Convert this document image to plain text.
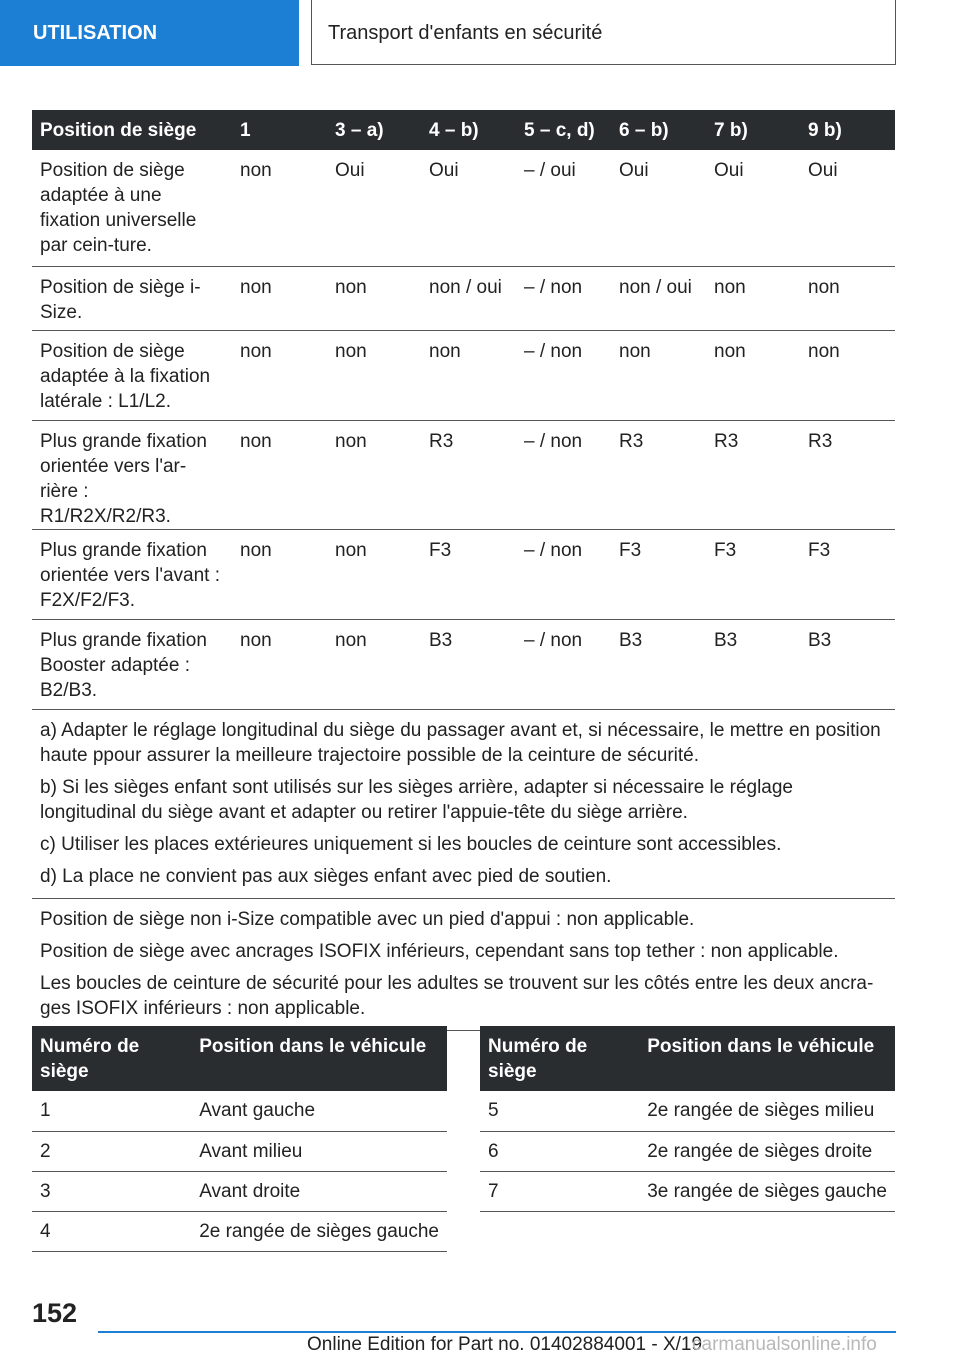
UTILISATION	Transport d'enfants en sécurité
Position de siège	1	3 – a)	4 – b)	5 – c, d)	6 – b)	7 b)	9 b)
Position de siège adaptée à une fixation universelle par cein-ture.	non	Oui	Oui	– / oui	Oui	Oui	Oui
Position de siège i-Size.	non	non	non / oui	– / non	non / oui	non	non
Position de siège adaptée à la fixation latérale : L1/L2.	non	non	non	– / non	non	non	non
Plus grande fixation orientée vers l'ar-rière : R1/R2X/R2/R3.	non	non	R3	– / non	R3	R3	R3
Plus grande fixation orientée vers l'avant : F2X/F2/F3.	non	non	F3	– / non	F3	F3	F3
Plus grande fixation Booster adaptée : B2/B3.	non	non	B3	– / non	B3	B3	B3

a) Adapter le réglage longitudinal du siège du passager avant et, si nécessaire, le mettre en position haute ppour assurer la meilleure trajectoire possible de la ceinture de sécurité.

b) Si les sièges enfant sont utilisés sur les sièges arrière, adapter si nécessaire le réglage longitudinal du siège avant et adapter ou retirer l'appuie-tête du siège arrière.

c) Utiliser les places extérieures uniquement si les boucles de ceinture sont accessibles.

d) La place ne convient pas aux sièges enfant avec pied de soutien.							

Position de siège non i-Size compatible avec un pied d'appui : non applicable.

Position de siège avec ancrages ISOFIX inférieurs, cependant sans top tether : non applicable.

Les boucles de ceinture de sécurité pour les adultes se trouvent sur les côtés entre les deux ancra-ges ISOFIX inférieurs : non applicable.							

Numéro de siège	Position dans le véhicule
1	Avant gauche
2	Avant milieu
3	Avant droite
4	2e rangée de sièges gauche
Numéro de siège	Position dans le véhicule
5	2e rangée de sièges milieu
6	2e rangée de sièges droite
7	3e rangée de sièges gauche
152
Online Edition for Part no. 01402884001 - X/19
carmanualsonline.info
